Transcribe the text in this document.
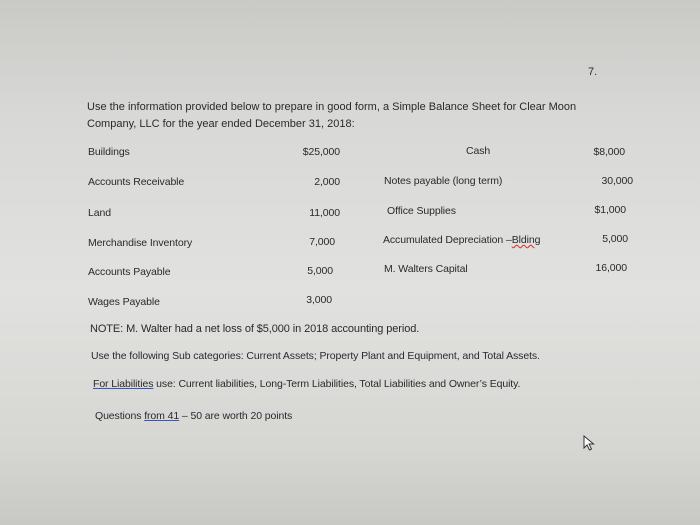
7.
Use the information provided below to prepare in good form, a Simple Balance Sheet for Clear Moon
Company, LLC for the year ended December 31, 2018:
Buildings	$25,000
Accounts Receivable	2,000
Land	11,000
Merchandise Inventory	7,000
Accounts Payable	5,000
Wages Payable	3,000
Cash	$8,000
Notes payable (long term)	30,000
Office Supplies	$1,000
Accumulated Depreciation –Blding	5,000
M. Walters Capital	16,000
NOTE: M. Walter had a net loss of $5,000 in 2018 accounting period.
Use the following Sub categories: Current Assets; Property Plant and Equipment, and Total Assets.
For Liabilities use: Current liabilities, Long-Term Liabilities, Total Liabilities and Owner’s Equity.
Questions from 41 – 50 are worth 20 points
